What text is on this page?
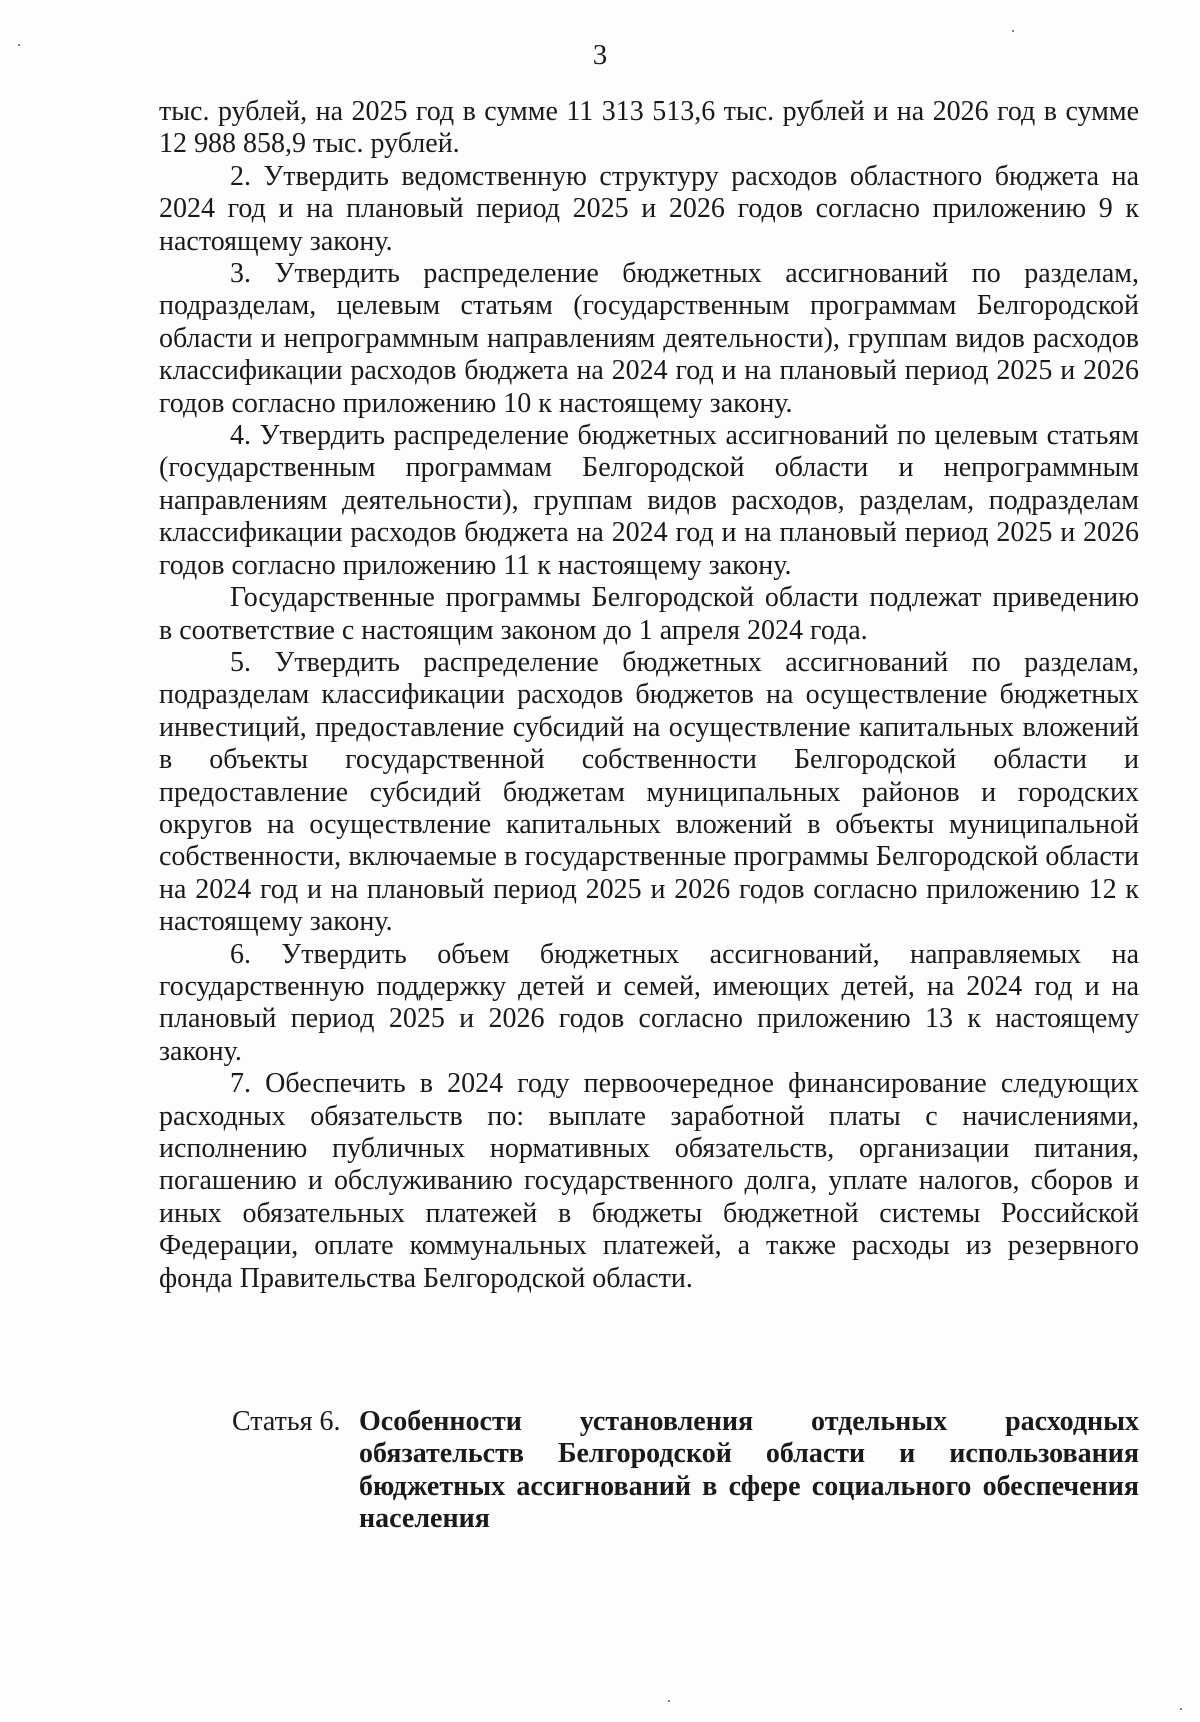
3

тыс. рублей, на 2025 год в сумме 11 313 513,6 тыс. рублей и на 2026 год в сумме 12 988 858,9 тыс. рублей.

2. Утвердить ведомственную структуру расходов областного бюджета на 2024 год и на плановый период 2025 и 2026 годов согласно приложению 9 к настоящему закону.

3. Утвердить распределение бюджетных ассигнований по разделам, подразделам, целевым статьям (государственным программам Белгородской области и непрограммным направлениям деятельности), группам видов расходов классификации расходов бюджета на 2024 год и на плановый период 2025 и 2026 годов согласно приложению 10 к настоящему закону.

4. Утвердить распределение бюджетных ассигнований по целевым статьям (государственным программам Белгородской области и непрограммным направлениям деятельности), группам видов расходов, разделам, подразделам классификации расходов бюджета на 2024 год и на плановый период 2025 и 2026 годов согласно приложению 11 к настоящему закону.

Государственные программы Белгородской области подлежат приведению в соответствие с настоящим законом до 1 апреля 2024 года.

5. Утвердить распределение бюджетных ассигнований по разделам, подразделам классификации расходов бюджетов на осуществление бюджетных инвестиций, предоставление субсидий на осуществление капитальных вложений в объекты государственной собственности Белгородской области и предоставление субсидий бюджетам муниципальных районов и городских округов на осуществление капитальных вложений в объекты муниципальной собственности, включаемые в государственные программы Белгородской области на 2024 год и на плановый период 2025 и 2026 годов согласно приложению 12 к настоящему закону.

6. Утвердить объем бюджетных ассигнований, направляемых на государственную поддержку детей и семей, имеющих детей, на 2024 год и на плановый период 2025 и 2026 годов согласно приложению 13 к настоящему закону.

7. Обеспечить в 2024 году первоочередное финансирование следующих расходных обязательств по: выплате заработной платы с начислениями, исполнению публичных нормативных обязательств, организации питания, погашению и обслуживанию государственного долга, уплате налогов, сборов и иных обязательных платежей в бюджеты бюджетной системы Российской Федерации, оплате коммунальных платежей, а также расходы из резервного фонда Правительства Белгородской области.

Статья 6. Особенности установления отдельных расходных обязательств Белгородской области и использования бюджетных ассигнований в сфере социального обеспечения населения
